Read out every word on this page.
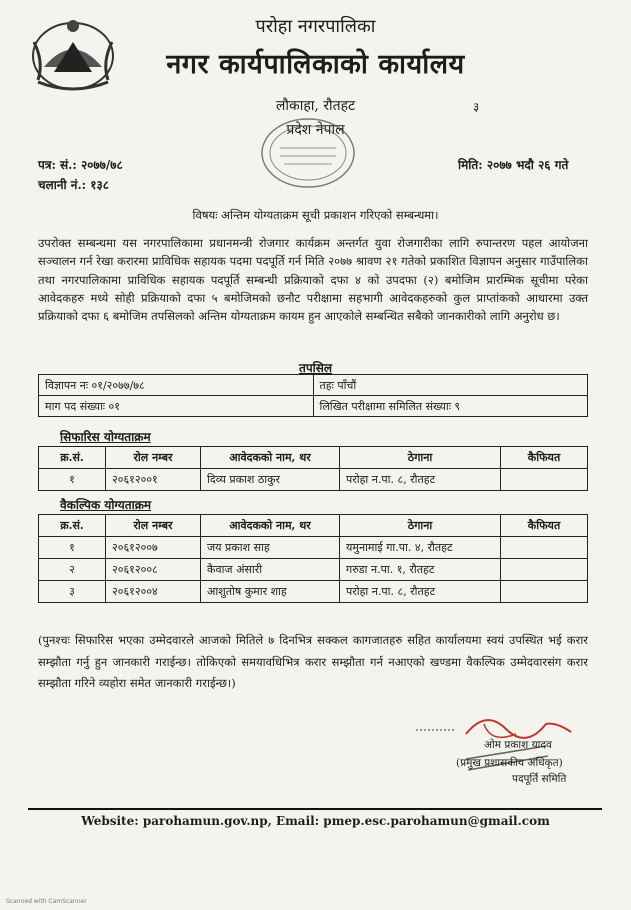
परोहा नगरपालिका
नगर कार्यपालिकाको कार्यालय
लौकाहा, रौतहट	३
प्रदेश नेपाल
पत्र: सं.: २०७७/७८
चलानी नं.: १३८
मिति: २०७७ भदौ २६ गते
विषयः अन्तिम योग्यताक्रम सूची प्रकाशन गरिएको सम्बन्धमा।
उपरोक्त सम्बन्धमा यस नगरपालिकामा प्रधानमन्त्री रोजगार कार्यक्रम अन्तर्गत युवा रोजगारीका लागि रुपान्तरण पहल आयोजना सञ्चालन गर्न रेखा करारमा प्राविधिक सहायक पदमा पदपूर्ति गर्न मिति २०७७ श्रावण २१ गतेको प्रकाशित विज्ञापन अनुसार गाउँपालिका तथा नगरपालिकामा प्राविधिक सहायक पदपूर्ति सम्बन्धी प्रक्रियाको दफा ४ को उपदफा (२) बमोजिम प्रारम्भिक सूचीमा परेका आवेदकहरु मध्ये सोही प्रक्रियाको दफा ५ बमोजिमको छनौट परीक्षामा सहभागी आवेदकहरुको कुल प्राप्तांकको आधारमा उक्त प्रक्रियाको दफा ६ बमोजिम तपसिलको अन्तिम योग्यताक्रम कायम हुन आएकोले सम्बन्धित सबैको जानकारीको लागि अनुरोध छ।
तपसिल
विज्ञापन नः ०१/२०७७/७८	तहः पाँचौं
माग पद संख्याः ०१	लिखित परीक्षामा समिलित संख्याः ९
सिफारिस योग्यताक्रम
क्र.सं.	रोल नम्बर	आवेदकको नाम, थर	ठेगाना	कैफियत
१	२०६१२००१	दिव्य प्रकाश ठाकुर	परोहा न.पा. ८, रौतहट	
वैकल्पिक योग्यताक्रम
क्र.सं.	रोल नम्बर	आवेदकको नाम, थर	ठेगाना	कैफियत
१	२०६१२००७	जय प्रकाश साह	यमुनामाई गा.पा. ४, रौतहट	
२	२०६१२००८	कैवाज अंसारी	गरुडा न.पा. १, रौतहट	
३	२०६१२००४	आशुतोष कुमार शाह	परोहा न.पा. ८, रौतहट	
(पुनश्चः सिफारिस भएका उम्मेदवारले आजको मितिले ७ दिनभित्र सक्कल कागजातहरु सहित कार्यालयमा स्वयं उपस्थित भई करार सम्झौता गर्नु हुन जानकारी गराईन्छ। तोकिएको समयावधिभित्र करार सम्झौता गर्न नआएको खण्डमा वैकल्पिक उम्मेदवारसंग करार सम्झौता गरिने व्यहोरा समेत जानकारी गराईन्छ।)
ओम प्रकाश यादव
(प्रमुख प्रशासकीय अधिकृत)
पदपूर्ति समिति
Website: parohamun.gov.np, Email: pmep.esc.parohamun@gmail.com
Scanned with CamScanner
